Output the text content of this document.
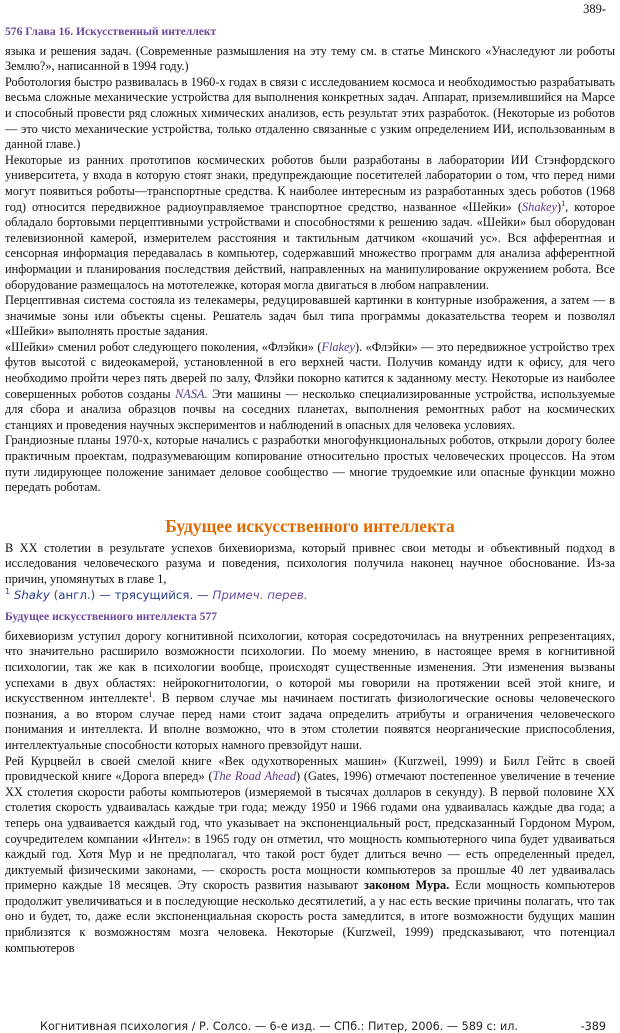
389-
576 Глава 16. Искусственный интеллект

языка и решения задач. (Современные размышления на эту тему см. в статье Минского «Унаследуют ли роботы Землю?», написанной в 1994 году.)

Роботология быстро развивалась в 1960-х годах в связи с исследованием космоса и необходимостью разрабатывать весьма сложные механические устройства для выполнения конкретных задач. Аппарат, приземлившийся на Марсе и способный провести ряд сложных химических анализов, есть результат этих разработок. (Некоторые из роботов — это чисто механические устройства, только отдаленно связанные с узким определением ИИ, использованным в данной главе.)

Некоторые из ранних прототипов космических роботов были разработаны в лаборатории ИИ Стэнфордского университета, у входа в которую стоят знаки, предупреждающие посетителей лаборатории о том, что перед ними могут появиться роботы—транспортные средства. К наиболее интересным из разработанных здесь роботов (1968 год) относится передвижное радиоуправляемое транспортное средство, названное «Шейки» (Shakey)$^1$, которое обладало бортовыми перцептивными устройствами и способностями к решению задач. «Шейки» был оборудован телевизионной камерой, измерителем расстояния и тактильным датчиком «кошачий ус». Вся афферентная и сенсорная информация передавалась в компьютер, содержавший множество программ для анализа афферентной информации и планирования последствия действий, направленных на манипулирование окружением робота. Все оборудование размещалось на мототележке, которая могла двигаться в любом направлении.

Перцептивная система состояла из телекамеры, редуцировавшей картинки в контурные изображения, а затем — в значимые зоны или объекты сцены. Решатель задач был типа программы доказательства теорем и позволял «Шейки» выполнять простые задания.

«Шейки» сменил робот следующего поколения, «Флэйки» (Flakey). «Флэйки» — это передвижное устройство трех футов высотой с видеокамерой, установленной в его верхней части. Получив команду идти к офису, для чего необходимо пройти через пять дверей по залу, Флэйки покорно катится к заданному месту. Некоторые из наиболее совершенных роботов созданы NASA. Эти машины — несколько специализированные устройства, используемые для сбора и анализа образцов почвы на соседних планетах, выполнения ремонтных работ на космических станциях и проведения научных экспериментов и наблюдений в опасных для человека условиях.

Грандиозные планы 1970-х, которые начались с разработки многофункциональных роботов, открыли дорогу более практичным проектам, подразумевающим копирование относительно простых человеческих процессов. На этом пути лидирующее положение занимает деловое сообщество — многие трудоемкие или опасные функции можно передать роботам.

Будущее искусственного интеллекта

В XX столетии в результате успехов бихевиоризма, который привнес свои методы и объективный подход в исследования человеческого разума и поведения, психология получила наконец научное обоснование. Из-за причин, упомянутых в главе 1,

$^1$ Shaky (англ.) — трясущийся. — Примеч. перев.

Будущее искусственного интеллекта 577

бихевиоризм уступил дорогу когнитивной психологии, которая сосредоточилась на внутренних репрезентациях, что значительно расширило возможности психологии. По моему мнению, в настоящее время в когнитивной психологии, так же как в психологии вообще, происходят существенные изменения. Эти изменения вызваны успехами в двух областях: нейрокогнитологии, о которой мы говорили на протяжении всей этой книге, и искусственном интеллекте$^1$. В первом случае мы начинаем постигать физиологические основы человеческого познания, а во втором случае перед нами стоит задача определить атрибуты и ограничения человеческого понимания и интеллекта. И вполне возможно, что в этом столетии появятся неорганические приспособления, интеллектуальные способности которых намного превзойдут наши.

Рей Курцвейл в своей смелой книге «Век одухотворенных машин» (Kurzweil, 1999) и Билл Гейтс в своей провидческой книге «Дорога вперед» (The Road Ahead) (Gates, 1996) отмечают постепенное увеличение в течение XX столетия скорости работы компьютеров (измеряемой в тысячах долларов в секунду). В первой половине XX столетия скорость удваивалась каждые три года; между 1950 и 1966 годами она удваивалась каждые два года; а теперь она удваивается каждый год, что указывает на экспоненциальный рост, предсказанный Гордоном Муром, соучредителем компании «Интел»: в 1965 году он отметил, что мощность компьютерного чипа будет удваиваться каждый год. Хотя Мур и не предполагал, что такой рост будет длиться вечно — есть определенный предел, диктуемый физическими законами, — скорость роста мощности компьютеров за прошлые 40 лет удваивалась примерно каждые 18 месяцев. Эту скорость развития называют законом Мура. Если мощность компьютеров продолжит увеличиваться и в последующие несколько десятилетий, а у нас есть веские причины полагать, что так оно и будет, то, даже если экспоненциальная скорость роста замедлится, в итоге возможности будущих машин приблизятся к возможностям мозга человека. Некоторые (Kurzweil, 1999) предсказывают, что потенциал компьютеров

Когнитивная психология / Р. Солсо. — 6-е изд. — СПб.: Питер, 2006. — 589 с: ил.	-389
